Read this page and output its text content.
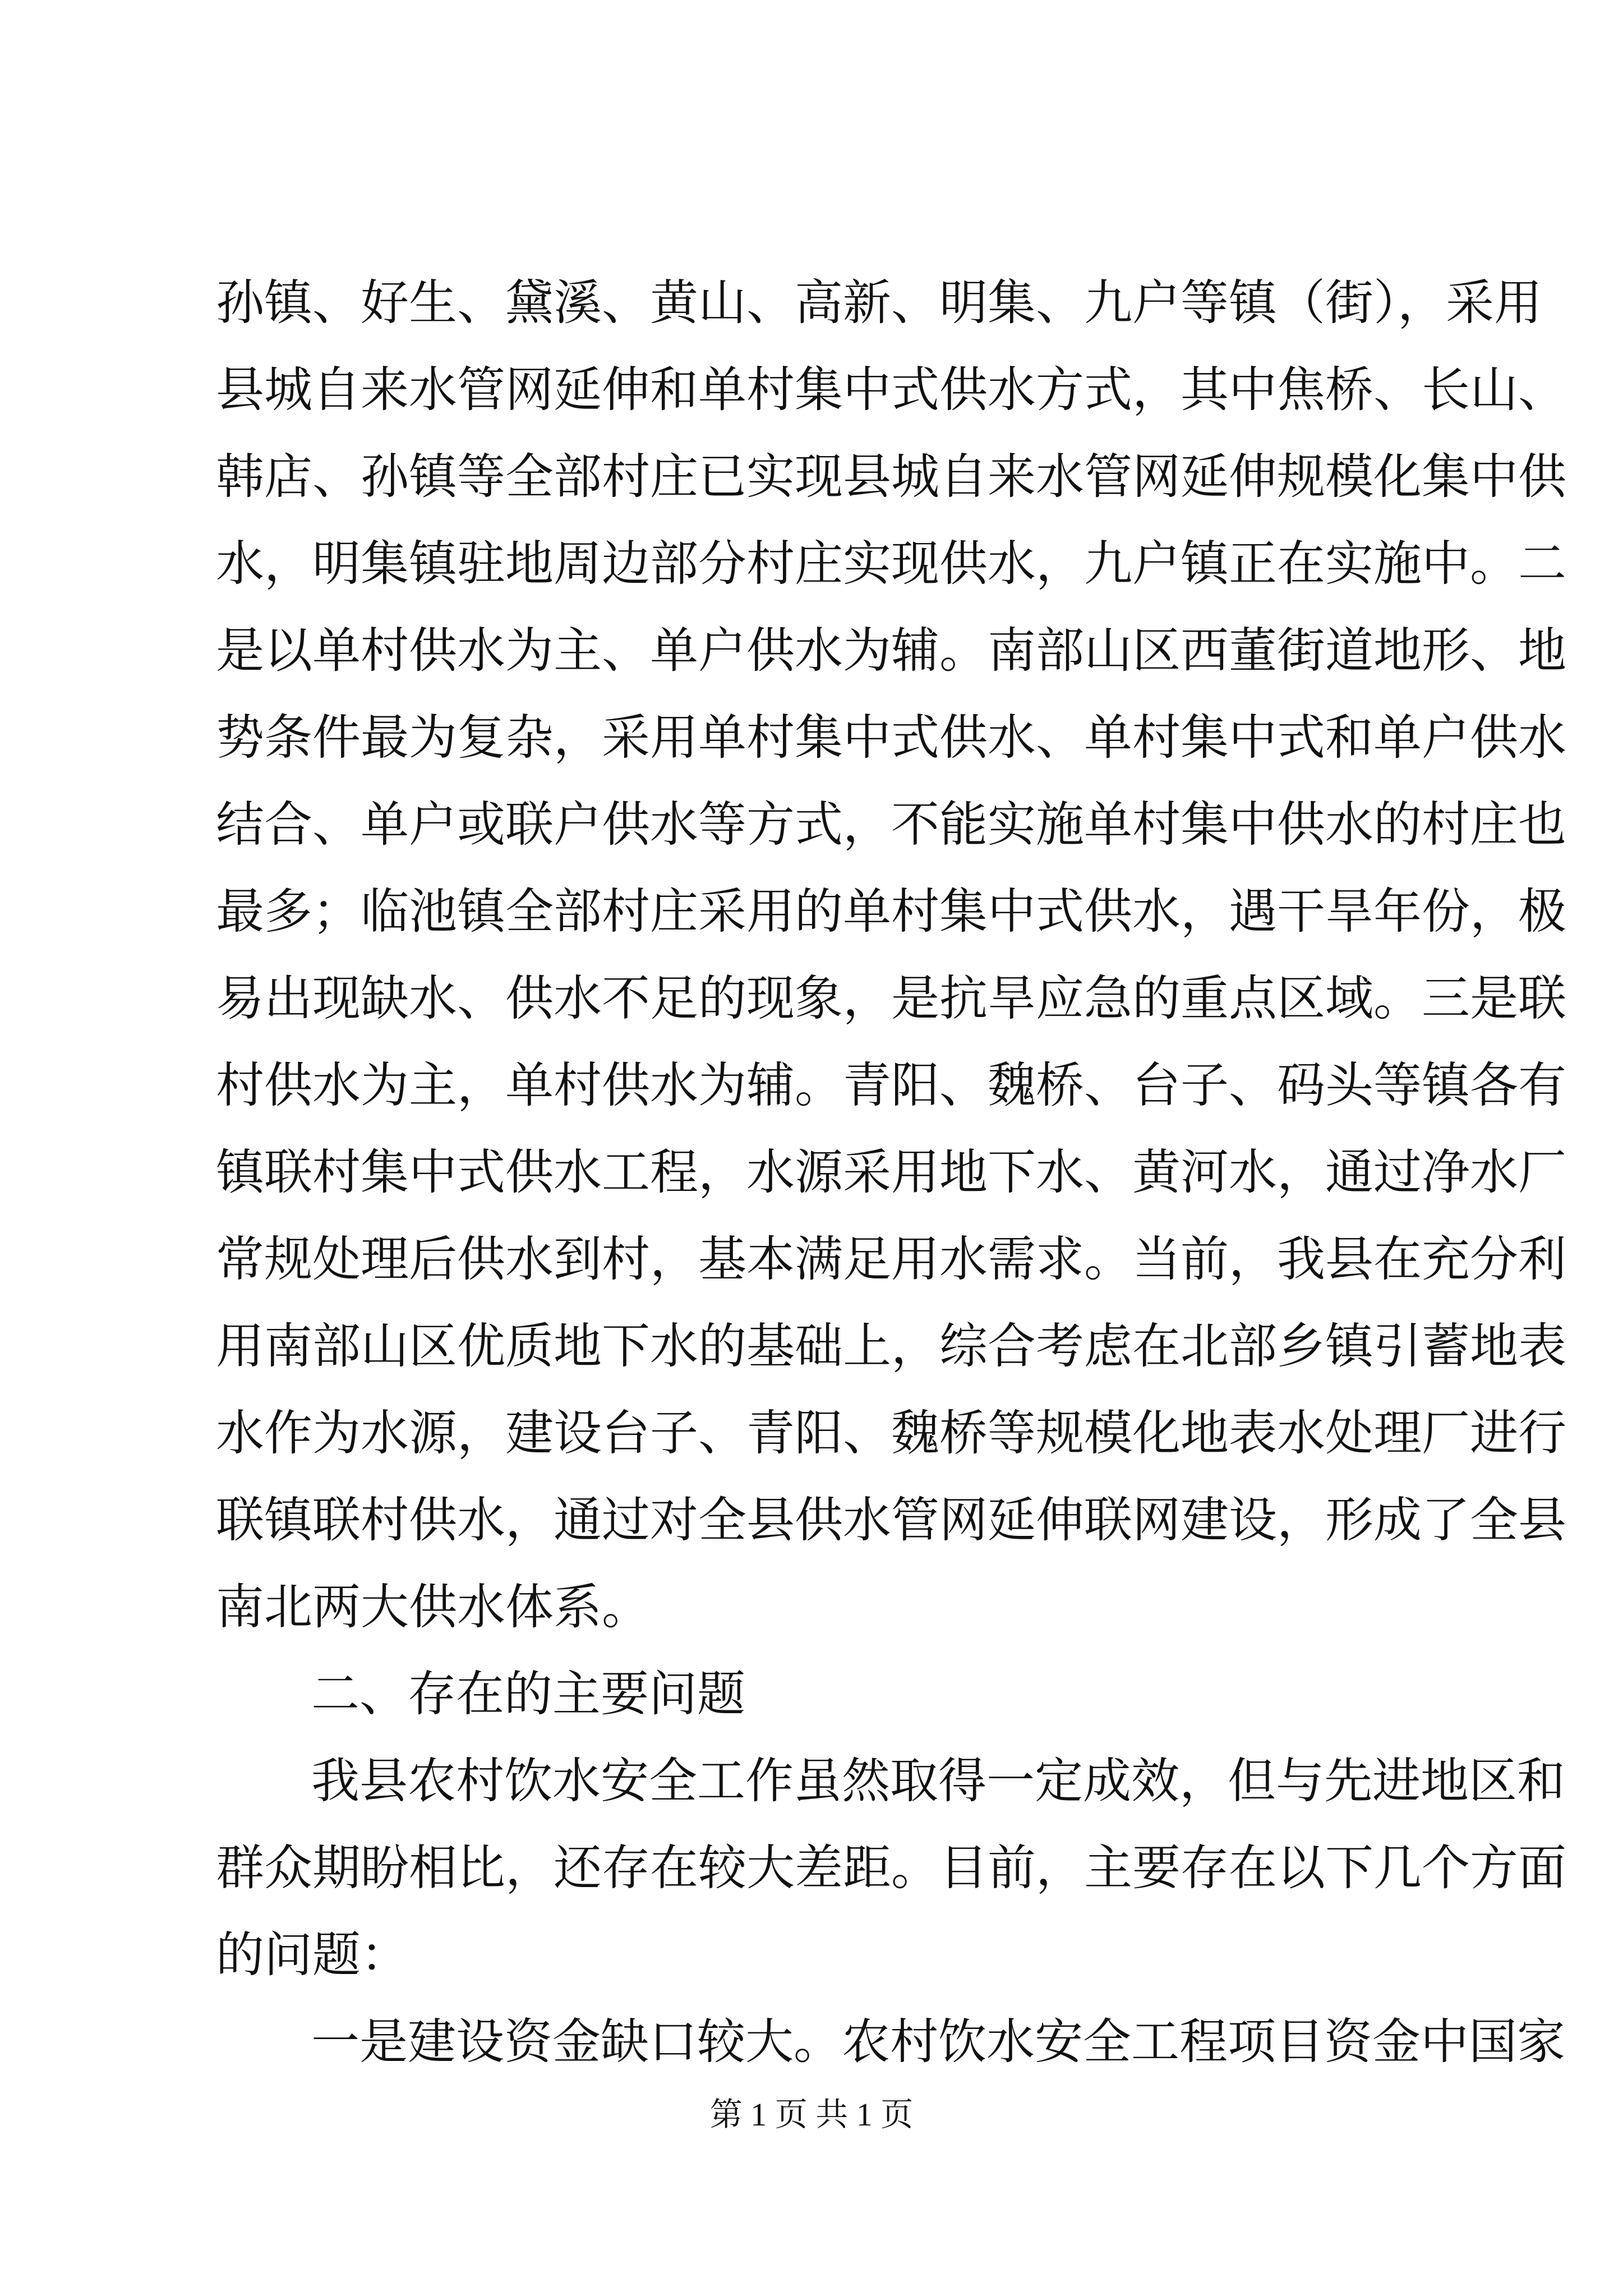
孙镇、好生、黛溪、黄山、高新、明集、九户等镇（街），采用
县城自来水管网延伸和单村集中式供水方式，其中焦桥、长山、
韩店、孙镇等全部村庄已实现县城自来水管网延伸规模化集中供
水，明集镇驻地周边部分村庄实现供水，九户镇正在实施中。二
是以单村供水为主、单户供水为辅。南部山区西董街道地形、地
势条件最为复杂，采用单村集中式供水、单村集中式和单户供水
结合、单户或联户供水等方式，不能实施单村集中供水的村庄也
最多；临池镇全部村庄采用的单村集中式供水，遇干旱年份，极
易出现缺水、供水不足的现象，是抗旱应急的重点区域。三是联
村供水为主，单村供水为辅。青阳、魏桥、台子、码头等镇各有
镇联村集中式供水工程，水源采用地下水、黄河水，通过净水厂
常规处理后供水到村，基本满足用水需求。当前，我县在充分利
用南部山区优质地下水的基础上，综合考虑在北部乡镇引蓄地表
水作为水源，建设台子、青阳、魏桥等规模化地表水处理厂进行
联镇联村供水，通过对全县供水管网延伸联网建设，形成了全县
南北两大供水体系。
二、存在的主要问题
我县农村饮水安全工作虽然取得一定成效，但与先进地区和
群众期盼相比，还存在较大差距。目前，主要存在以下几个方面
的问题：
一是建设资金缺口较大。农村饮水安全工程项目资金中国家
第 1 页 共 1 页
